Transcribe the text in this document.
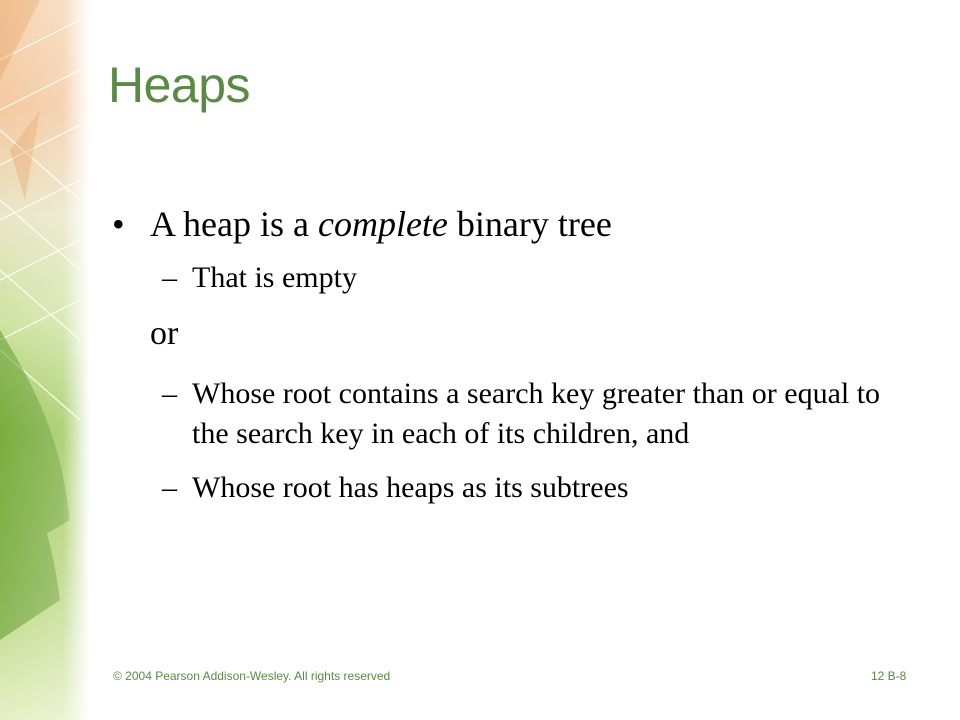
Heaps
• A heap is a complete binary tree
– That is empty
or
– Whose root contains a search key greater than or equal to the search key in each of its children, and
– Whose root has heaps as its subtrees
© 2004 Pearson Addison-Wesley. All rights reserved	12 B-8
